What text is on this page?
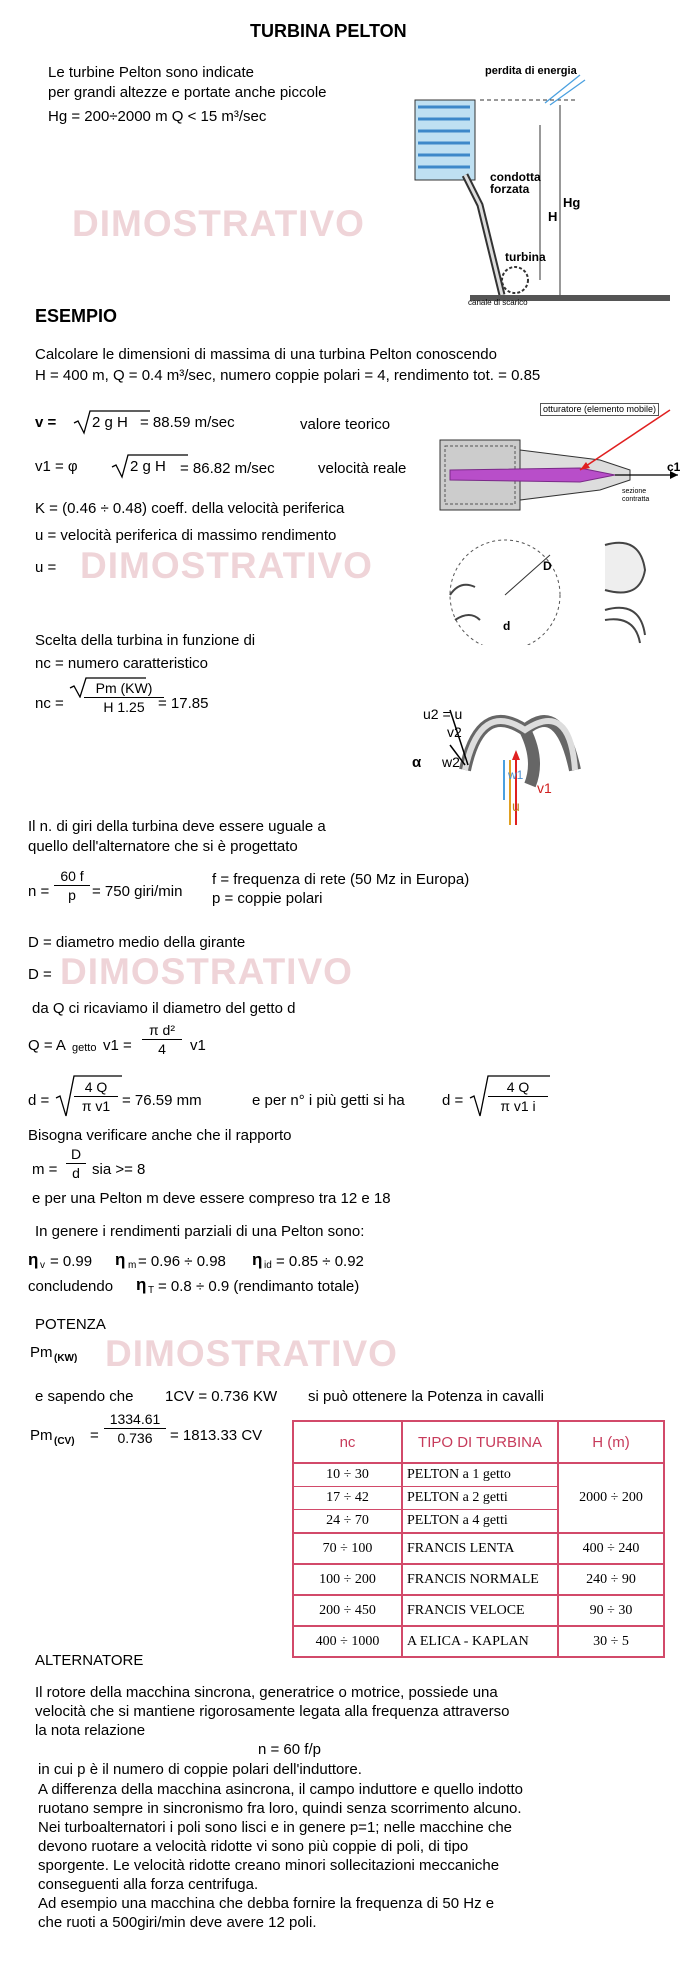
TURBINA PELTON
Le turbine Pelton sono indicate
per grandi altezze e portate anche piccole
Hg = 200÷2000 m Q < 15 m³/sec
perdita di energia
condotta
forzata
Hg
H
turbina
canale di scarico
DIMOSTRATIVO
ESEMPIO
Calcolare le dimensioni di massima di una turbina Pelton conoscendo
H = 400 m, Q = 0.4 m³/sec, numero coppie polari = 4, rendimento tot. = 0.85
v = 2 g H = 88.59 m/sec	valore teorico
v1 = φ	2 g H = 86.82 m/sec	velocità reale
K = (0.46 ÷ 0.48) coeff. della velocità periferica
u = velocità periferica di massimo rendimento
u = DIMOSTRATIVO
otturatore (elemento mobile)
c1
sezione contratta
D
d
Scelta della turbina in funzione di
nc = numero caratteristico
nc = $\frac{Pm (KW)}{H 1.25}$
= 17.85
u2 = u
v2
α w2
w1
v1
u
Il n. di giri della turbina deve essere uguale a
quello dell'alternatore che si è progettato
$n = \frac{60 f}{p} = 750$ giri/min
f = frequenza di rete (50 Mz in Europa)
p = coppie polari
D = diametro medio della girante
D = DIMOSTRATIVO
da Q ci ricaviamo il diametro del getto d
Q = A getto $v1 = \frac{\text{π d²}}{4} v1$
$d = \frac{4 Q}{\text{π v1}} = 76.59$ mm	e per n° i più getti si ha $d = \frac{4 Q}{\text{π v1 i}}$
Bisogna verificare anche che il rapporto
$m = \frac{D}{d}$ sia >= 8
e per una Pelton m deve essere compreso tra 12 e 18
In genere i rendimenti parziali di una Pelton sono:
η v = 0.99 η m = 0.96 ÷ 0.98 η id = 0.85 ÷ 0.92
concludendo η T = 0.8 ÷ 0.9 (rendimanto totale)
POTENZA
Pm (KW) DIMOSTRATIVO
e sapendo che 1CV = 0.736 KW si può ottenere la Potenza in cavalli
Pm $(CV) = \frac{1334.61}{0.736} = 1813.33$ CV	nc	TIPO DI TURBINA	H (m)
10 ÷ 30	PELTON a 1 getto	2000 ÷ 200
17 ÷ 42	PELTON a 2 getti	
24 ÷ 70	PELTON a 4 getti	
70 ÷ 100	FRANCIS LENTA	400 ÷ 240
100 ÷ 200	FRANCIS NORMALE	240 ÷ 90
200 ÷ 450	FRANCIS VELOCE	90 ÷ 30
400 ÷ 1000	A ELICA - KAPLAN	30 ÷ 5
ALTERNATORE
Il rotore della macchina sincrona, generatrice o motrice, possiede una
velocità che si mantiene rigorosamente legata alla frequenza attraverso
la nota relazione
n = 60 f/p
in cui p è il numero di coppie polari dell'induttore.
A differenza della macchina asincrona, il campo induttore e quello indotto
ruotano sempre in sincronismo fra loro, quindi senza scorrimento alcuno.
Nei turboalternatori i poli sono lisci e in genere p=1; nelle macchine che
devono ruotare a velocità ridotte vi sono più coppie di poli, di tipo
sporgente. Le velocità ridotte creano minori sollecitazioni meccaniche
conseguenti alla forza centrifuga.
Ad esempio una macchina che debba fornire la frequenza di 50 Hz e
che ruoti a 500giri/min deve avere 12 poli.
